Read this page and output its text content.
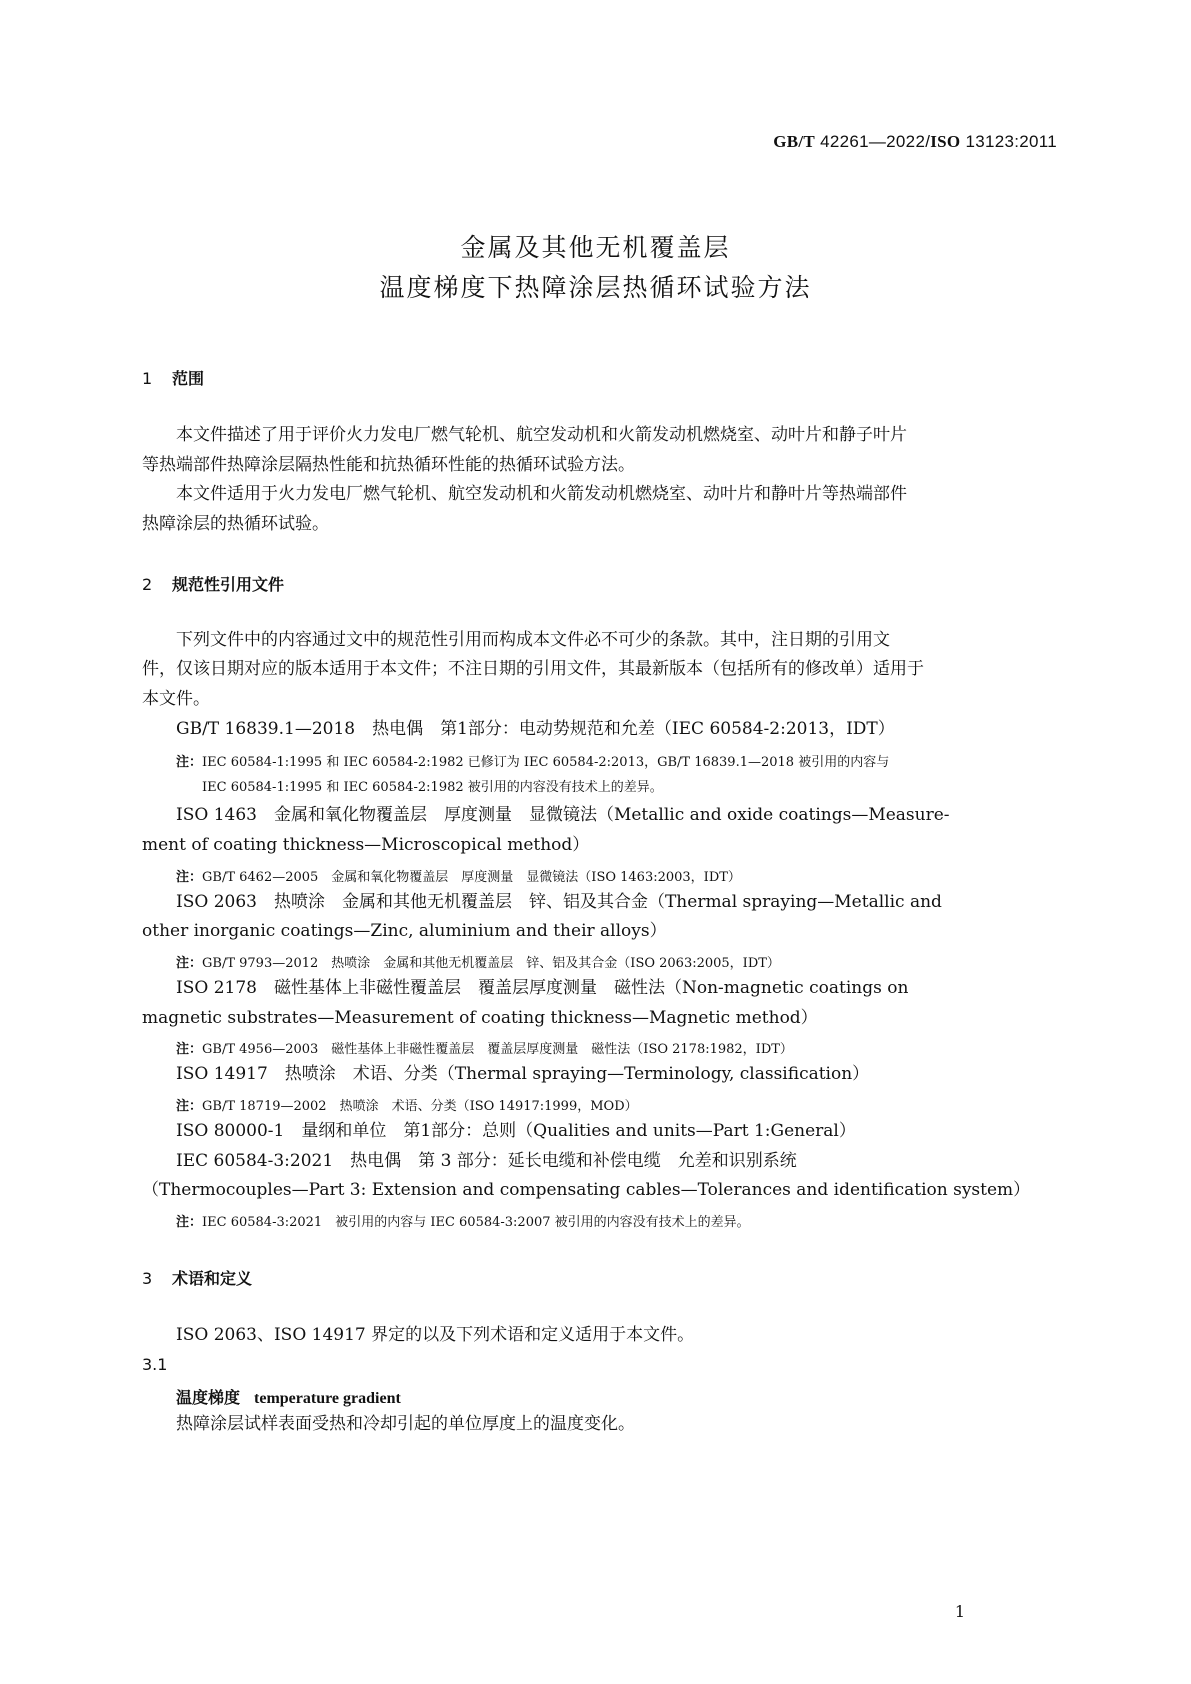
GB/T 42261—2022/ISO 13123:2011
金属及其他无机覆盖层
温度梯度下热障涂层热循环试验方法
1 范围
本文件描述了用于评价火力发电厂燃气轮机、航空发动机和火箭发动机燃烧室、动叶片和静子叶片
等热端部件热障涂层隔热性能和抗热循环性能的热循环试验方法。
本文件适用于火力发电厂燃气轮机、航空发动机和火箭发动机燃烧室、动叶片和静叶片等热端部件
热障涂层的热循环试验。
2 规范性引用文件
下列文件中的内容通过文中的规范性引用而构成本文件必不可少的条款。其中，注日期的引用文
件，仅该日期对应的版本适用于本文件；不注日期的引用文件，其最新版本（包括所有的修改单）适用于
本文件。
GB/T 16839.1—2018　热电偶　第1部分：电动势规范和允差（IEC 60584-2:2013，IDT）
注：IEC 60584-1:1995 和 IEC 60584-2:1982 已修订为 IEC 60584-2:2013，GB/T 16839.1—2018 被引用的内容与
IEC 60584-1:1995 和 IEC 60584-2:1982 被引用的内容没有技术上的差异。
ISO 1463　金属和氧化物覆盖层　厚度测量　显微镜法（Metallic and oxide coatings—Measure-
ment of coating thickness—Microscopical method）
注：GB/T 6462—2005　金属和氧化物覆盖层　厚度测量　显微镜法（ISO 1463:2003，IDT）
ISO 2063　热喷涂　金属和其他无机覆盖层　锌、铝及其合金（Thermal spraying—Metallic and
other inorganic coatings—Zinc, aluminium and their alloys）
注：GB/T 9793—2012　热喷涂　金属和其他无机覆盖层　锌、铝及其合金（ISO 2063:2005，IDT）
ISO 2178　磁性基体上非磁性覆盖层　覆盖层厚度测量　磁性法（Non-magnetic coatings on
magnetic substrates—Measurement of coating thickness—Magnetic method）
注：GB/T 4956—2003　磁性基体上非磁性覆盖层　覆盖层厚度测量　磁性法（ISO 2178:1982，IDT）
ISO 14917　热喷涂　术语、分类（Thermal spraying—Terminology, classification）
注：GB/T 18719—2002　热喷涂　术语、分类（ISO 14917:1999，MOD）
ISO 80000-1　量纲和单位　第1部分：总则（Qualities and units—Part 1:General）
IEC 60584-3:2021　热电偶　第 3 部分：延长电缆和补偿电缆　允差和识别系统
（Thermocouples—Part 3: Extension and compensating cables—Tolerances and identification system）
注：IEC 60584-3:2021　被引用的内容与 IEC 60584-3:2007 被引用的内容没有技术上的差异。
3 术语和定义
ISO 2063、ISO 14917 界定的以及下列术语和定义适用于本文件。
3.1
温度梯度 temperature gradient
热障涂层试样表面受热和冷却引起的单位厚度上的温度变化。
1
